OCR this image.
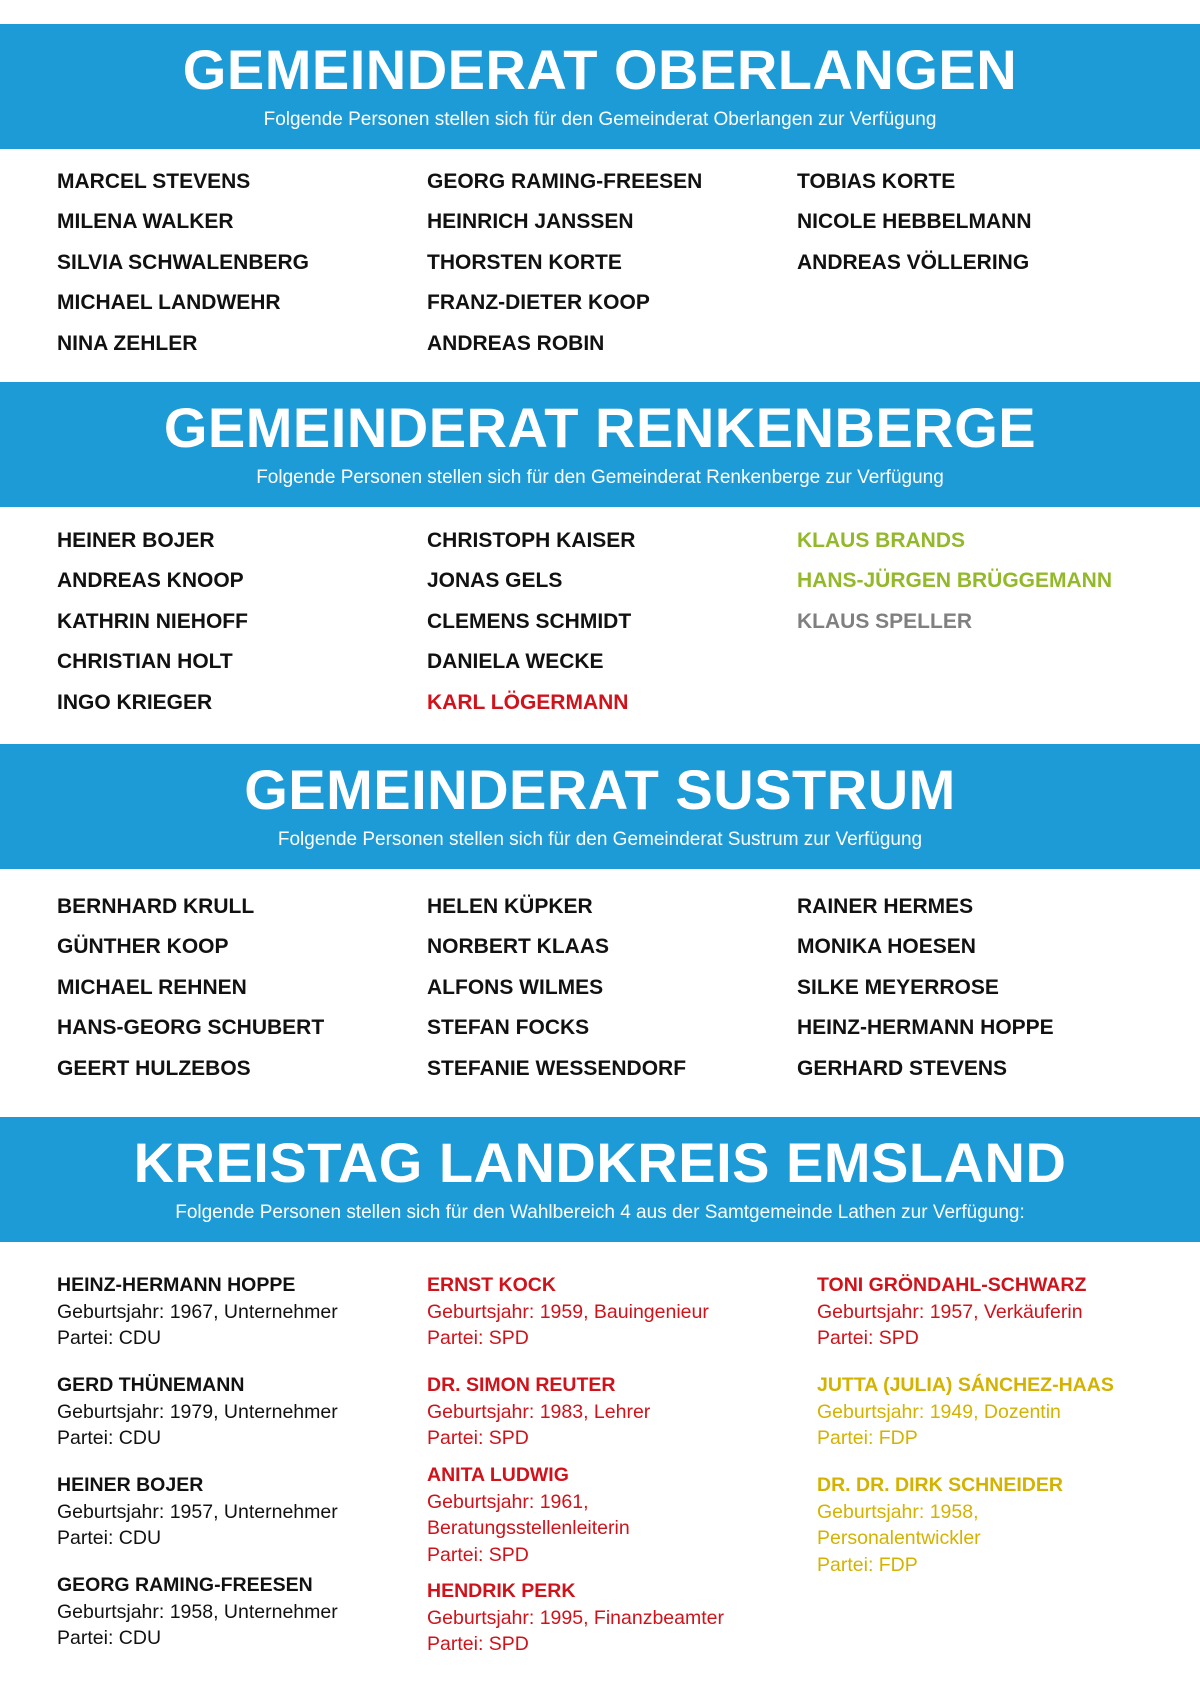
GEMEINDERAT OBERLANGEN

Folgende Personen stellen sich für den Gemeinderat Oberlangen zur Verfügung

MARCEL STEVENS
MILENA WALKER
SILVIA SCHWALENBERG
MICHAEL LANDWEHR
NINA ZEHLER
GEORG RAMING-FREESEN
HEINRICH JANSSEN
THORSTEN KORTE
FRANZ-DIETER KOOP
ANDREAS ROBIN
TOBIAS KORTE
NICOLE HEBBELMANN
ANDREAS VÖLLERING
GEMEINDERAT RENKENBERGE

Folgende Personen stellen sich für den Gemeinderat Renkenberge zur Verfügung

HEINER BOJER
ANDREAS KNOOP
KATHRIN NIEHOFF
CHRISTIAN HOLT
INGO KRIEGER
CHRISTOPH KAISER
JONAS GELS
CLEMENS SCHMIDT
DANIELA WECKE
KARL LÖGERMANN
KLAUS BRANDS
HANS-JÜRGEN BRÜGGEMANN
KLAUS SPELLER
GEMEINDERAT SUSTRUM

Folgende Personen stellen sich für den Gemeinderat Sustrum zur Verfügung

BERNHARD KRULL
GÜNTHER KOOP
MICHAEL REHNEN
HANS-GEORG SCHUBERT
GEERT HULZEBOS
HELEN KÜPKER
NORBERT KLAAS
ALFONS WILMES
STEFAN FOCKS
STEFANIE WESSENDORF
RAINER HERMES
MONIKA HOESEN
SILKE MEYERROSE
HEINZ-HERMANN HOPPE
GERHARD STEVENS
KREISTAG LANDKREIS EMSLAND

Folgende Personen stellen sich für den Wahlbereich 4 aus der Samtgemeinde Lathen zur Verfügung:

HEINZ-HERMANN HOPPE
Geburtsjahr: 1967, Unternehmer
Partei: CDU
GERD THÜNEMANN
Geburtsjahr: 1979, Unternehmer
Partei: CDU
HEINER BOJER
Geburtsjahr: 1957, Unternehmer
Partei: CDU
GEORG RAMING-FREESEN
Geburtsjahr: 1958, Unternehmer
Partei: CDU
ERNST KOCK
Geburtsjahr: 1959, Bauingenieur
Partei: SPD
DR. SIMON REUTER
Geburtsjahr: 1983, Lehrer
Partei: SPD
ANITA LUDWIG
Geburtsjahr: 1961,
Beratungsstellenleiterin
Partei: SPD
HENDRIK PERK
Geburtsjahr: 1995, Finanzbeamter
Partei: SPD
TONI GRÖNDAHL-SCHWARZ
Geburtsjahr: 1957, Verkäuferin
Partei: SPD
JUTTA (JULIA) SÁNCHEZ-HAAS
Geburtsjahr: 1949, Dozentin
Partei: FDP
DR. DR. DIRK SCHNEIDER
Geburtsjahr: 1958,
Personalentwickler
Partei: FDP
